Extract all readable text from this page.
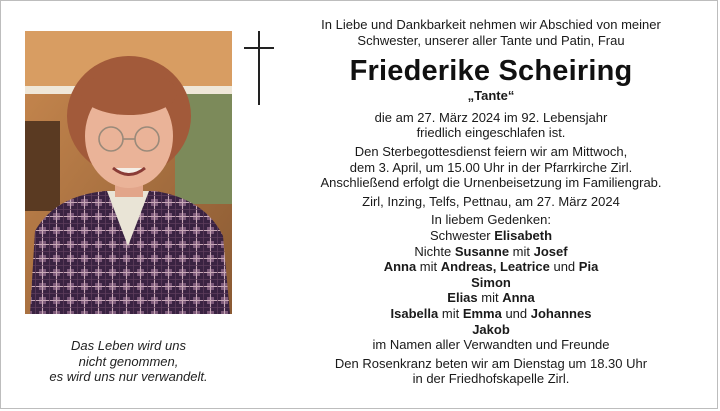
Das Leben wird uns
nicht genommen,
es wird uns nur verwandelt.
In Liebe und Dankbarkeit nehmen wir Abschied von meiner
Schwester, unserer aller Tante und Patin, Frau
Friederike Scheiring
„Tante“
die am 27. März 2024 im 92. Lebensjahr
friedlich eingeschlafen ist.
Den Sterbegottesdienst feiern wir am Mittwoch,
dem 3. April, um 15.00 Uhr in der Pfarrkirche Zirl.
Anschließend erfolgt die Urnenbeisetzung im Familiengrab.
Zirl, Inzing, Telfs, Pettnau, am 27. März 2024
In liebem Gedenken:
Schwester Elisabeth
Nichte Susanne mit Josef
Anna mit Andreas, Leatrice und Pia
Simon
Elias mit Anna
Isabella mit Emma und Johannes
Jakob
im Namen aller Verwandten und Freunde
Den Rosenkranz beten wir am Dienstag um 18.30 Uhr
in der Friedhofskapelle Zirl.
